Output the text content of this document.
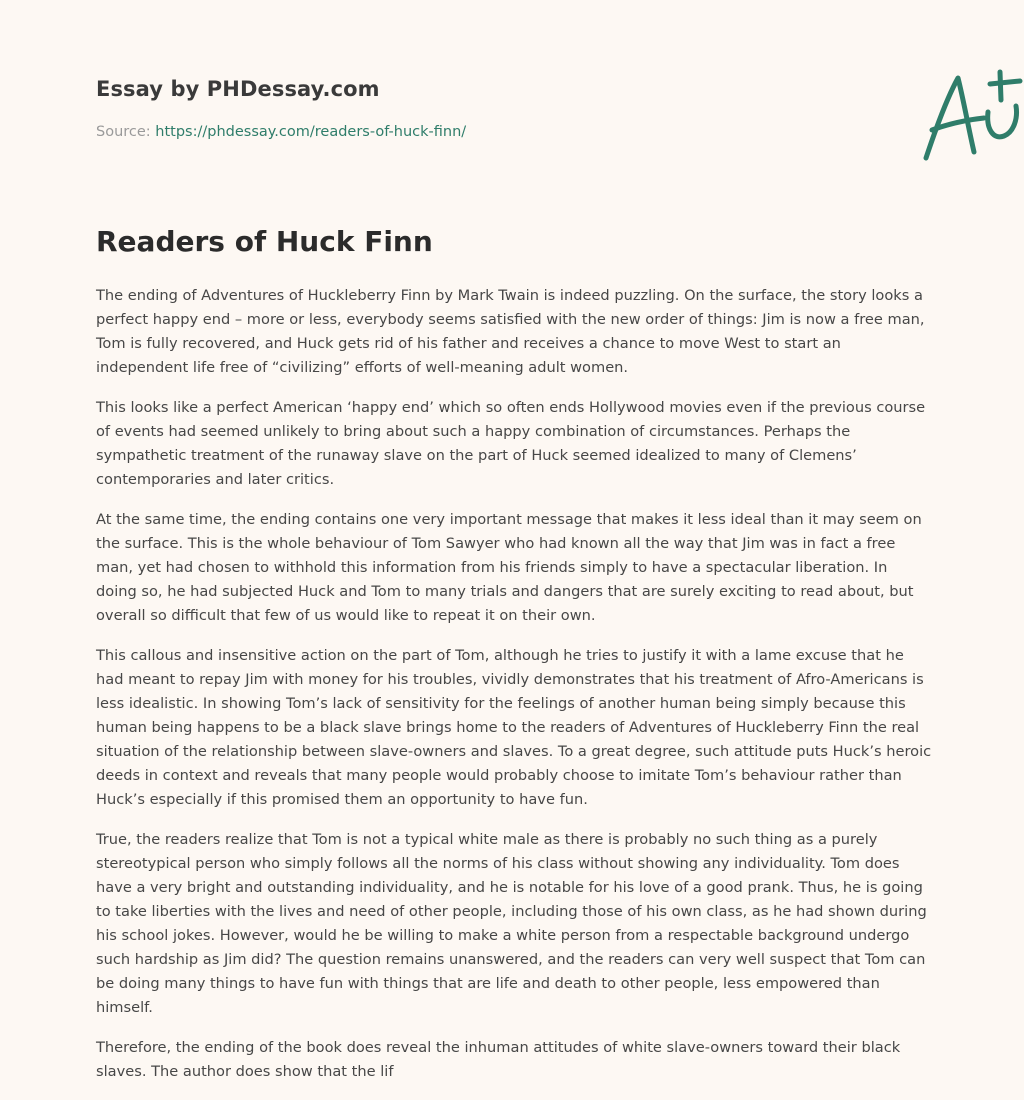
Essay by PHDessay.com
Source: https://phdessay.com/readers-of-huck-finn/
Readers of Huck Finn

The ending of Adventures of Huckleberry Finn by Mark Twain is indeed puzzling. On the surface, the story looks a perfect happy end – more or less, everybody seems satisfied with the new order of things: Jim is now a free man, Tom is fully recovered, and Huck gets rid of his father and receives a chance to move West to start an independent life free of “civilizing” efforts of well-meaning adult women.

This looks like a perfect American ‘happy end’ which so often ends Hollywood movies even if the previous course of events had seemed unlikely to bring about such a happy combination of circumstances. Perhaps the sympathetic treatment of the runaway slave on the part of Huck seemed idealized to many of Clemens’ contemporaries and later critics.

At the same time, the ending contains one very important message that makes it less ideal than it may seem on the surface. This is the whole behaviour of Tom Sawyer who had known all the way that Jim was in fact a free man, yet had chosen to withhold this information from his friends simply to have a spectacular liberation. In doing so, he had subjected Huck and Tom to many trials and dangers that are surely exciting to read about, but overall so difficult that few of us would like to repeat it on their own.

This callous and insensitive action on the part of Tom, although he tries to justify it with a lame excuse that he had meant to repay Jim with money for his troubles, vividly demonstrates that his treatment of Afro-Americans is less idealistic. In showing Tom’s lack of sensitivity for the feelings of another human being simply because this human being happens to be a black slave brings home to the readers of Adventures of Huckleberry Finn the real situation of the relationship between slave-owners and slaves. To a great degree, such attitude puts Huck’s heroic deeds in context and reveals that many people would probably choose to imitate Tom’s behaviour rather than Huck’s especially if this promised them an opportunity to have fun.

True, the readers realize that Tom is not a typical white male as there is probably no such thing as a purely stereotypical person who simply follows all the norms of his class without showing any individuality. Tom does have a very bright and outstanding individuality, and he is notable for his love of a good prank. Thus, he is going to take liberties with the lives and need of other people, including those of his own class, as he had shown during his school jokes. However, would he be willing to make a white person from a respectable background undergo such hardship as Jim did? The question remains unanswered, and the readers can very well suspect that Tom can be doing many things to have fun with things that are life and death to other people, less empowered than himself.

Therefore, the ending of the book does reveal the inhuman attitudes of white slave-owners toward their black slaves. The author does show that the lif
